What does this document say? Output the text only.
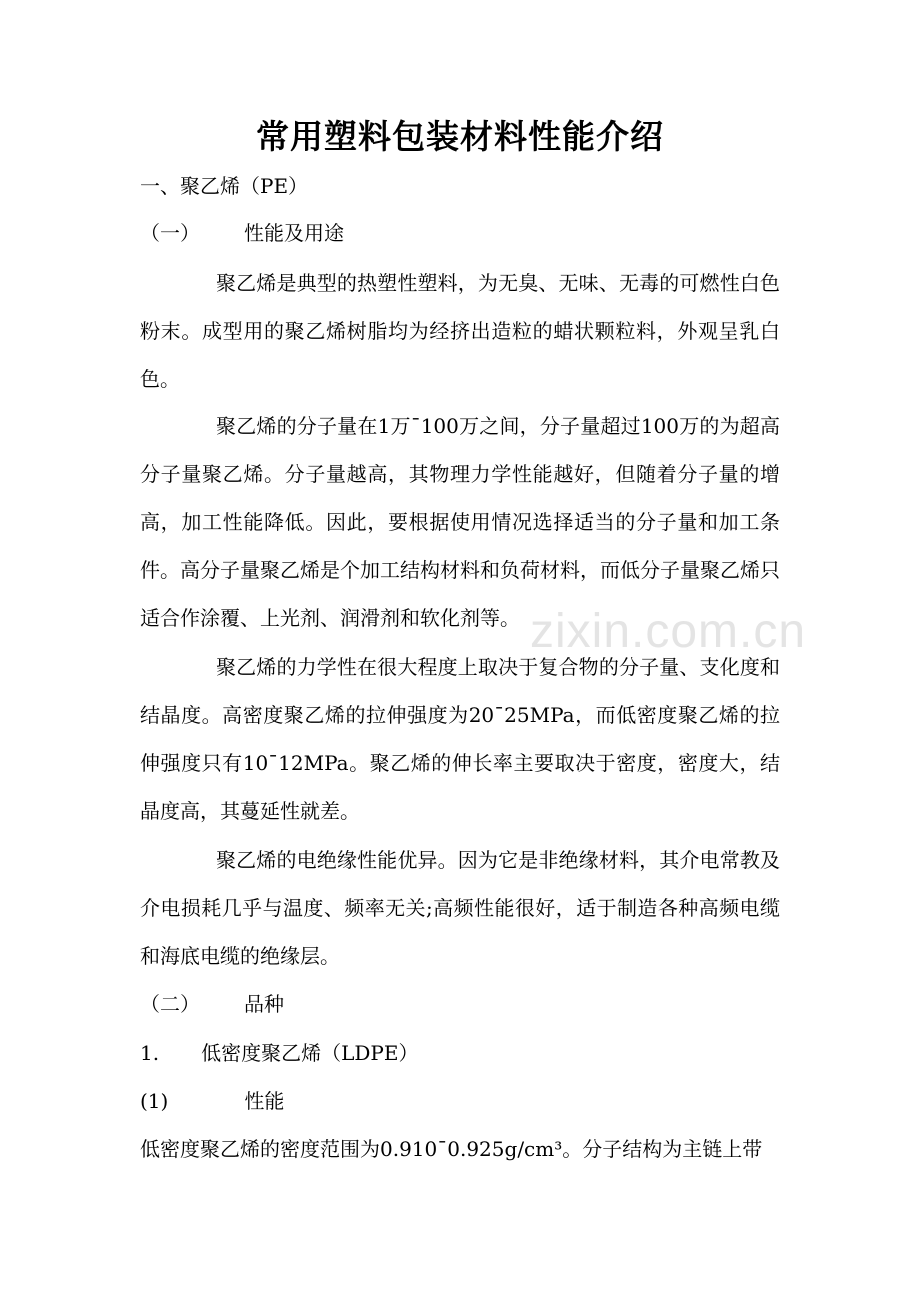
常用塑料包装材料性能介绍
一、聚乙烯（PE）
（一） 性能及用途

聚乙烯是典型的热塑性塑料，为无臭、无味、无毒的可燃性白色粉末。成型用的聚乙烯树脂均为经挤出造粒的蜡状颗粒料，外观呈乳白色。

聚乙烯的分子量在1万¯100万之间，分子量超过100万的为超高分子量聚乙烯。分子量越高，其物理力学性能越好，但随着分子量的增高，加工性能降低。因此，要根据使用情况选择适当的分子量和加工条件。高分子量聚乙烯是个加工结构材料和负荷材料，而低分子量聚乙烯只适合作涂覆、上光剂、润滑剂和软化剂等。

聚乙烯的力学性在很大程度上取决于复合物的分子量、支化度和结晶度。高密度聚乙烯的拉伸强度为20¯25MPa，而低密度聚乙烯的拉伸强度只有10¯12MPa。聚乙烯的伸长率主要取决于密度，密度大，结晶度高，其蔓延性就差。

聚乙烯的电绝缘性能优异。因为它是非绝缘材料，其介电常教及介电损耗几乎与温度、频率无关;高频性能很好，适于制造各种高频电缆和海底电缆的绝缘层。

（二） 品种
1. 低密度聚乙烯（LDPE）
(1)	性能
低密度聚乙烯的密度范围为0.910¯0.925g/cm³。分子结构为主链上带
zixin.com.cn
